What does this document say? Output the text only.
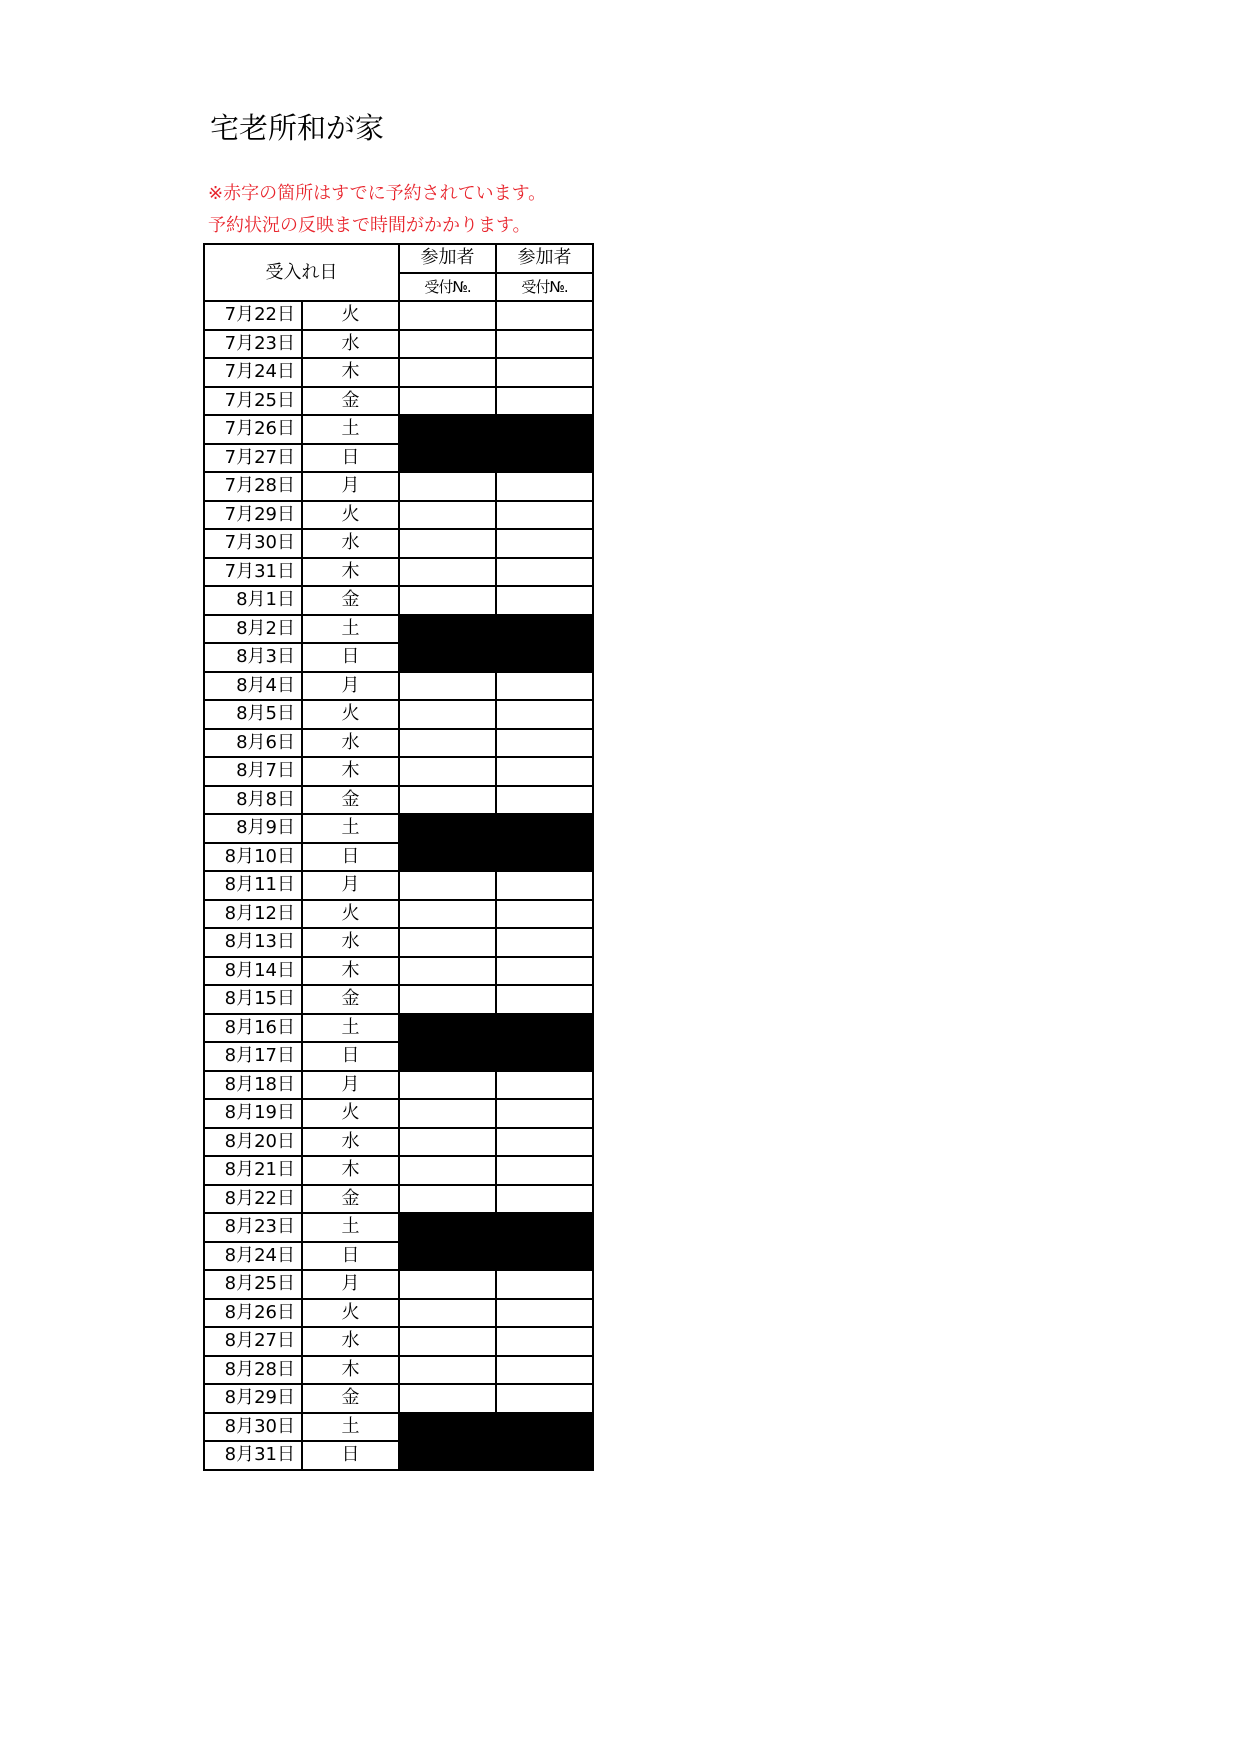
宅老所和が家
※赤字の箇所はすでに予約されています。
予約状況の反映まで時間がかかります。
受入れ日		参加者	参加者
		受付№.	受付№.
7月22日	火		
7月23日	水		
7月24日	木		
7月25日	金		
7月26日	土		
7月27日	日		
7月28日	月		
7月29日	火		
7月30日	水		
7月31日	木		
8月1日	金		
8月2日	土		
8月3日	日		
8月4日	月		
8月5日	火		
8月6日	水		
8月7日	木		
8月8日	金		
8月9日	土		
8月10日	日		
8月11日	月		
8月12日	火		
8月13日	水		
8月14日	木		
8月15日	金		
8月16日	土		
8月17日	日		
8月18日	月		
8月19日	火		
8月20日	水		
8月21日	木		
8月22日	金		
8月23日	土		
8月24日	日		
8月25日	月		
8月26日	火		
8月27日	水		
8月28日	木		
8月29日	金		
8月30日	土		
8月31日	日		
